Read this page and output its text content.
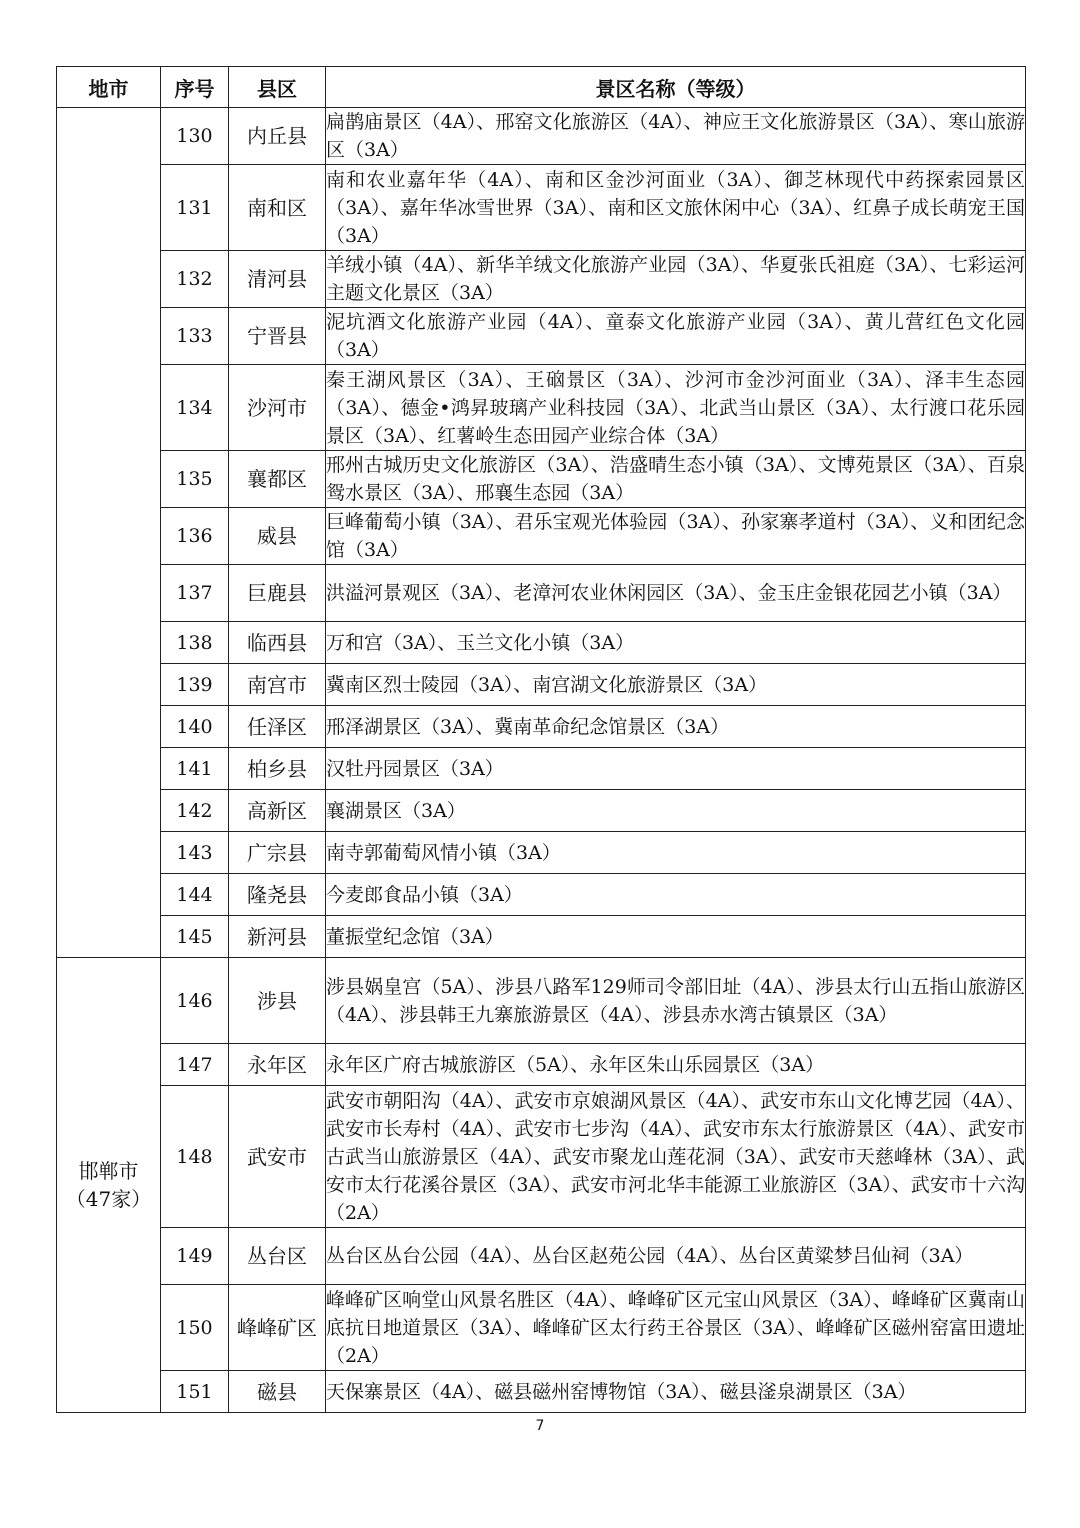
地市	序号	县区	景区名称（等级）
	130	内丘县	扁鹊庙景区（4A）、邢窑文化旅游区（4A）、神应王文化旅游景区（3A）、寒山旅游区（3A）
	131	南和区	南和农业嘉年华（4A）、南和区金沙河面业（3A）、御芝林现代中药探索园景区（3A）、嘉年华冰雪世界（3A）、南和区文旅休闲中心（3A）、红鼻子成长萌宠王国（3A）
	132	清河县	羊绒小镇（4A）、新华羊绒文化旅游产业园（3A）、华夏张氏祖庭（3A）、七彩运河主题文化景区（3A）
	133	宁晋县	泥坑酒文化旅游产业园（4A）、童泰文化旅游产业园（3A）、黄儿营红色文化园（3A）
	134	沙河市	秦王湖风景区（3A）、王硇景区（3A）、沙河市金沙河面业（3A）、泽丰生态园（3A）、德金•鸿昇玻璃产业科技园（3A）、北武当山景区（3A）、太行渡口花乐园景区（3A）、红薯岭生态田园产业综合体（3A）
	135	襄都区	邢州古城历史文化旅游区（3A）、浩盛晴生态小镇（3A）、文博苑景区（3A）、百泉鸳水景区（3A）、邢襄生态园（3A）
	136	威县	巨峰葡萄小镇（3A）、君乐宝观光体验园（3A）、孙家寨孝道村（3A）、义和团纪念馆（3A）
	137	巨鹿县	洪溢河景观区（3A）、老漳河农业休闲园区（3A）、金玉庄金银花园艺小镇（3A）
	138	临西县	万和宫（3A）、玉兰文化小镇（3A）
	139	南宫市	冀南区烈士陵园（3A）、南宫湖文化旅游景区（3A）
	140	任泽区	邢泽湖景区（3A）、冀南革命纪念馆景区（3A）
	141	柏乡县	汉牡丹园景区（3A）
	142	高新区	襄湖景区（3A）
	143	广宗县	南寺郭葡萄风情小镇（3A）
	144	隆尧县	今麦郎食品小镇（3A）
	145	新河县	董振堂纪念馆（3A）
邯郸市（47家）	146	涉县	涉县娲皇宫（5A）、涉县八路军129师司令部旧址（4A）、涉县太行山五指山旅游区（4A）、涉县韩王九寨旅游景区（4A）、涉县赤水湾古镇景区（3A）
	147	永年区	永年区广府古城旅游区（5A）、永年区朱山乐园景区（3A）
	148	武安市	武安市朝阳沟（4A）、武安市京娘湖风景区（4A）、武安市东山文化博艺园（4A）、武安市长寿村（4A）、武安市七步沟（4A）、武安市东太行旅游景区（4A）、武安市古武当山旅游景区（4A）、武安市聚龙山莲花洞（3A）、武安市天慈峰林（3A）、武安市太行花溪谷景区（3A）、武安市河北华丰能源工业旅游区（3A）、武安市十六沟（2A）
	149	丛台区	丛台区丛台公园（4A）、丛台区赵苑公园（4A）、丛台区黄粱梦吕仙祠（3A）
	150	峰峰矿区	峰峰矿区响堂山风景名胜区（4A）、峰峰矿区元宝山风景区（3A）、峰峰矿区冀南山底抗日地道景区（3A）、峰峰矿区太行药王谷景区（3A）、峰峰矿区磁州窑富田遗址（2A）
	151	磁县	天保寨景区（4A）、磁县磁州窑博物馆（3A）、磁县滏泉湖景区（3A）
7
